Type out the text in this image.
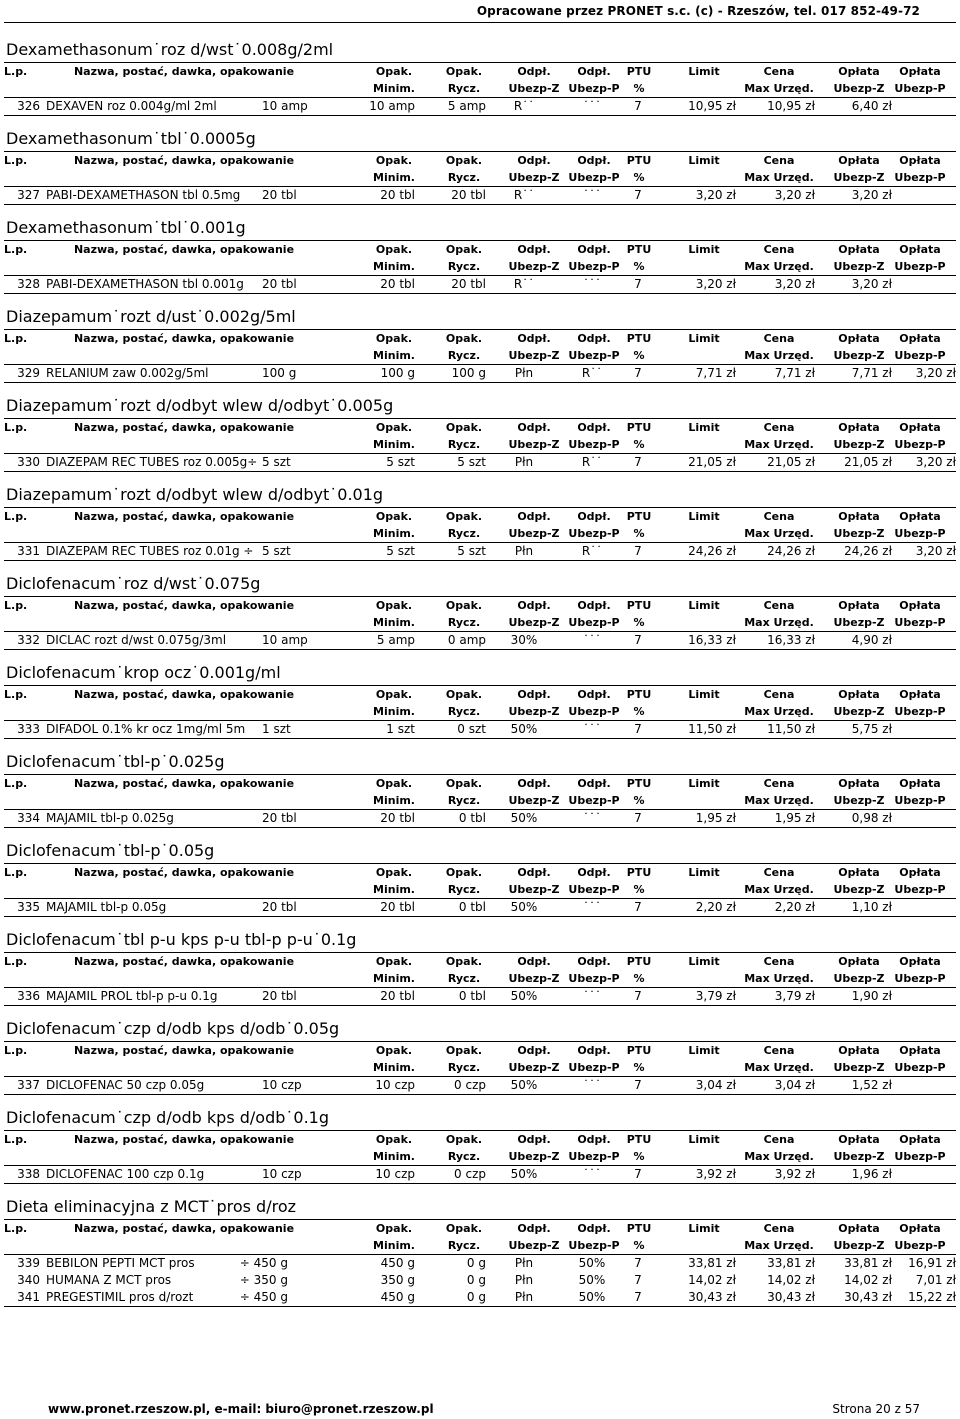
Opracowane przez PRONET s.c. (c) - Rzeszów, tel. 017 852-49-72
Dexamethasonum˙roz d/wst˙0.008g/2ml
L.p.	Nazwa, postać, dawka, opakowanie	Opak.	Opak.	Odpł.	Odpł.	PTU	Limit	Cena	Opłata	Opłata
Minim.	Rycz.	Ubezp-Z Ubezp-P	%	Max Urzęd.	Ubezp-Z Ubezp-P
326 DEXAVEN roz 0.004g/ml 2ml	10 amp	10 amp	5 amp	R˙˙	˙˙˙	7	10,95 zł	10,95 zł	6,40 zł
Dexamethasonum˙tbl˙0.0005g
L.p.	Nazwa, postać, dawka, opakowanie	Opak.	Opak.	Odpł.	Odpł.	PTU	Limit	Cena	Opłata	Opłata
Minim.	Rycz.	Ubezp-Z Ubezp-P	%	Max Urzęd.	Ubezp-Z Ubezp-P
327 PABI-DEXAMETHASON tbl 0.5mg	20 tbl	20 tbl	20 tbl	R˙˙	˙˙˙	7	3,20 zł	3,20 zł	3,20 zł
Dexamethasonum˙tbl˙0.001g
L.p.	Nazwa, postać, dawka, opakowanie	Opak.	Opak.	Odpł.	Odpł.	PTU	Limit	Cena	Opłata	Opłata
Minim.	Rycz.	Ubezp-Z Ubezp-P	%	Max Urzęd.	Ubezp-Z Ubezp-P
328 PABI-DEXAMETHASON tbl 0.001g	20 tbl	20 tbl	20 tbl	R˙˙	˙˙˙	7	3,20 zł	3,20 zł	3,20 zł
Diazepamum˙rozt d/ust˙0.002g/5ml
L.p.	Nazwa, postać, dawka, opakowanie	Opak.	Opak.	Odpł.	Odpł.	PTU	Limit	Cena	Opłata	Opłata
Minim.	Rycz.	Ubezp-Z Ubezp-P	%	Max Urzęd.	Ubezp-Z Ubezp-P
329 RELANIUM zaw 0.002g/5ml	100 g	100 g	100 g	Płn	R˙˙	7	7,71 zł	7,71 zł	7,71 zł	3,20 zł
Diazepamum˙rozt d/odbyt wlew d/odbyt˙0.005g
L.p.	Nazwa, postać, dawka, opakowanie	Opak.	Opak.	Odpł.	Odpł.	PTU	Limit	Cena	Opłata	Opłata
Minim.	Rycz.	Ubezp-Z Ubezp-P	%	Max Urzęd.	Ubezp-Z Ubezp-P
330 DIAZEPAM REC TUBES roz 0.005g÷ 5 szt	5 szt	5 szt	Płn	R˙˙	7	21,05 zł	21,05 zł	21,05 zł	3,20 zł
Diazepamum˙rozt d/odbyt wlew d/odbyt˙0.01g
L.p.	Nazwa, postać, dawka, opakowanie	Opak.	Opak.	Odpł.	Odpł.	PTU	Limit	Cena	Opłata	Opłata
Minim.	Rycz.	Ubezp-Z Ubezp-P	%	Max Urzęd.	Ubezp-Z Ubezp-P
331 DIAZEPAM REC TUBES roz 0.01g ÷ 5 szt	5 szt	5 szt	Płn	R˙˙	7	24,26 zł	24,26 zł	24,26 zł	3,20 zł
Diclofenacum˙roz d/wst˙0.075g
L.p.	Nazwa, postać, dawka, opakowanie	Opak.	Opak.	Odpł.	Odpł.	PTU	Limit	Cena	Opłata	Opłata
Minim.	Rycz.	Ubezp-Z Ubezp-P	%	Max Urzęd.	Ubezp-Z Ubezp-P
332 DICLAC rozt d/wst 0.075g/3ml	10 amp	5 amp	0 amp	30%	˙˙˙	7	16,33 zł	16,33 zł	4,90 zł
Diclofenacum˙krop ocz˙0.001g/ml
L.p.	Nazwa, postać, dawka, opakowanie	Opak.	Opak.	Odpł.	Odpł.	PTU	Limit	Cena	Opłata	Opłata
Minim.	Rycz.	Ubezp-Z Ubezp-P	%	Max Urzęd.	Ubezp-Z Ubezp-P
333 DIFADOL 0.1% kr ocz 1mg/ml 5m	1 szt	1 szt	0 szt	50%	˙˙˙	7	11,50 zł	11,50 zł	5,75 zł
Diclofenacum˙tbl-p˙0.025g
L.p.	Nazwa, postać, dawka, opakowanie	Opak.	Opak.	Odpł.	Odpł.	PTU	Limit	Cena	Opłata	Opłata
Minim.	Rycz.	Ubezp-Z Ubezp-P	%	Max Urzęd.	Ubezp-Z Ubezp-P
334 MAJAMIL tbl-p 0.025g	20 tbl	20 tbl	0 tbl	50%	˙˙˙	7	1,95 zł	1,95 zł	0,98 zł
Diclofenacum˙tbl-p˙0.05g
L.p.	Nazwa, postać, dawka, opakowanie	Opak.	Opak.	Odpł.	Odpł.	PTU	Limit	Cena	Opłata	Opłata
Minim.	Rycz.	Ubezp-Z Ubezp-P	%	Max Urzęd.	Ubezp-Z Ubezp-P
335 MAJAMIL tbl-p 0.05g	20 tbl	20 tbl	0 tbl	50%	˙˙˙	7	2,20 zł	2,20 zł	1,10 zł
Diclofenacum˙tbl p-u kps p-u tbl-p p-u˙0.1g
L.p.	Nazwa, postać, dawka, opakowanie	Opak.	Opak.	Odpł.	Odpł.	PTU	Limit	Cena	Opłata	Opłata
Minim.	Rycz.	Ubezp-Z Ubezp-P	%	Max Urzęd.	Ubezp-Z Ubezp-P
336 MAJAMIL PROL tbl-p p-u 0.1g	20 tbl	20 tbl	0 tbl	50%	˙˙˙	7	3,79 zł	3,79 zł	1,90 zł
Diclofenacum˙czp d/odb kps d/odb˙0.05g
L.p.	Nazwa, postać, dawka, opakowanie	Opak.	Opak.	Odpł.	Odpł.	PTU	Limit	Cena	Opłata	Opłata
Minim.	Rycz.	Ubezp-Z Ubezp-P	%	Max Urzęd.	Ubezp-Z Ubezp-P
337 DICLOFENAC 50 czp 0.05g	10 czp	10 czp	0 czp	50%	˙˙˙	7	3,04 zł	3,04 zł	1,52 zł
Diclofenacum˙czp d/odb kps d/odb˙0.1g
L.p.	Nazwa, postać, dawka, opakowanie	Opak.	Opak.	Odpł.	Odpł.	PTU	Limit	Cena	Opłata	Opłata
Minim.	Rycz.	Ubezp-Z Ubezp-P	%	Max Urzęd.	Ubezp-Z Ubezp-P
338 DICLOFENAC 100 czp 0.1g	10 czp	10 czp	0 czp	50%	˙˙˙	7	3,92 zł	3,92 zł	1,96 zł
Dieta eliminacyjna z MCT˙pros d/roz
L.p.	Nazwa, postać, dawka, opakowanie	Opak.	Opak.	Odpł.	Odpł.	PTU	Limit	Cena	Opłata	Opłata
Minim.	Rycz.	Ubezp-Z Ubezp-P	%	Max Urzęd.	Ubezp-Z Ubezp-P
339 BEBILON PEPTI MCT pros	÷ 450 g	450 g	0 g	Płn	50%	7	33,81 zł	33,81 zł	33,81 zł	16,91 zł
340 HUMANA Z MCT pros	÷ 350 g	350 g	0 g	Płn	50%	7	14,02 zł	14,02 zł	14,02 zł	7,01 zł
341 PREGESTIMIL pros d/rozt	÷ 450 g	450 g	0 g	Płn	50%	7	30,43 zł	30,43 zł	30,43 zł	15,22 zł
www.pronet.rzeszow.pl, e-mail: biuro@pronet.rzeszow.pl	Strona 20 z 57
